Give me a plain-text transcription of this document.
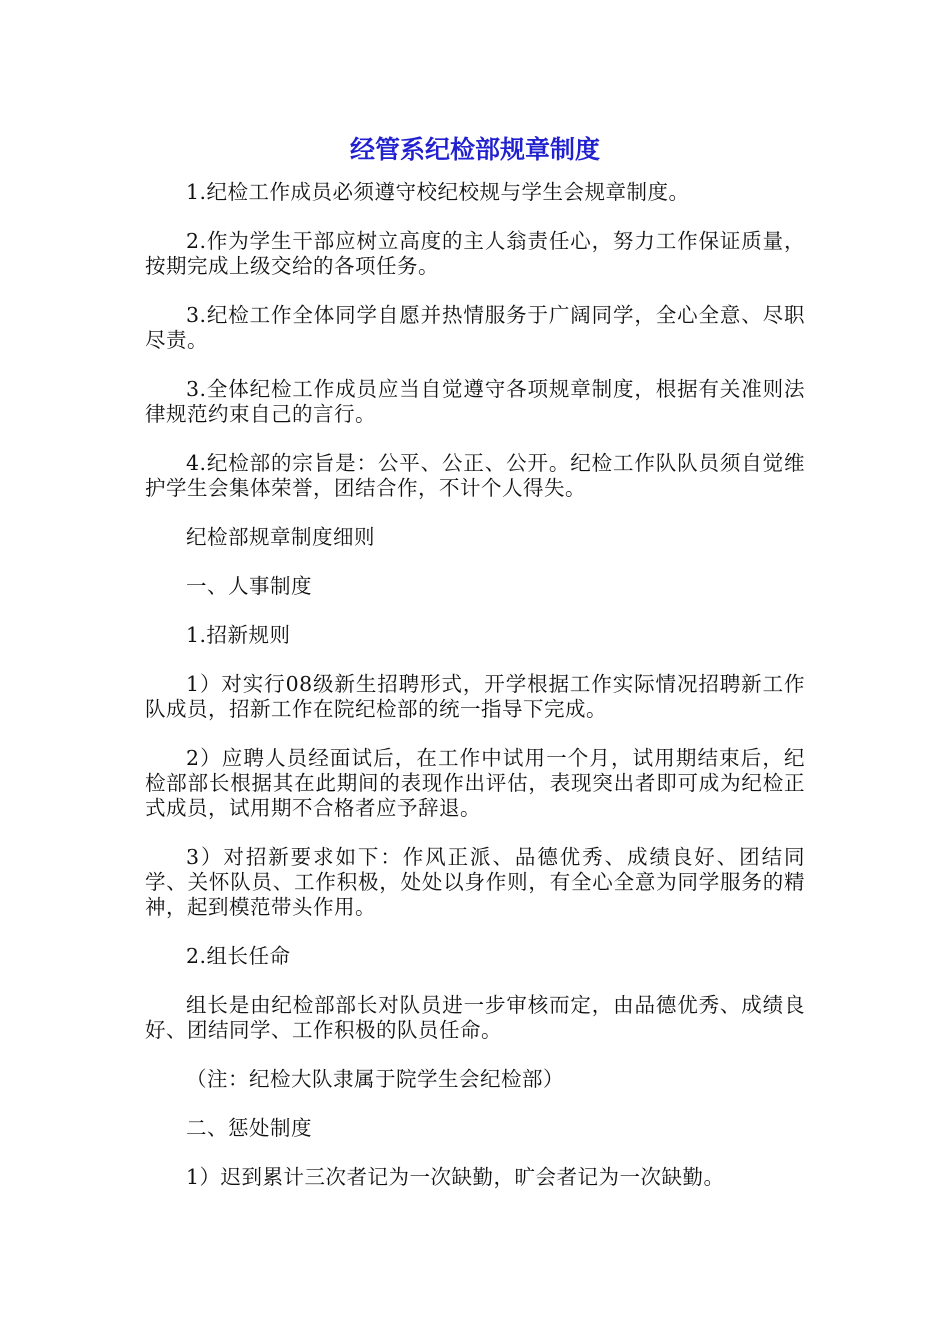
经管系纪检部规章制度

1.纪检工作成员必须遵守校纪校规与学生会规章制度。

2.作为学生干部应树立高度的主人翁责任心，努力工作保证质量，按期完成上级交给的各项任务。

3.纪检工作全体同学自愿并热情服务于广阔同学，全心全意、尽职尽责。

3.全体纪检工作成员应当自觉遵守各项规章制度，根据有关准则法律规范约束自己的言行。

4.纪检部的宗旨是：公平、公正、公开。纪检工作队队员须自觉维护学生会集体荣誉，团结合作，不计个人得失。

纪检部规章制度细则

一、人事制度

1.招新规则

1）对实行08级新生招聘形式，开学根据工作实际情况招聘新工作队成员，招新工作在院纪检部的统一指导下完成。

2）应聘人员经面试后，在工作中试用一个月，试用期结束后，纪检部部长根据其在此期间的表现作出评估，表现突出者即可成为纪检正式成员，试用期不合格者应予辞退。

3）对招新要求如下：作风正派、品德优秀、成绩良好、团结同学、关怀队员、工作积极，处处以身作则，有全心全意为同学服务的精神，起到模范带头作用。

2.组长任命

组长是由纪检部部长对队员进一步审核而定，由品德优秀、成绩良好、团结同学、工作积极的队员任命。

（注：纪检大队隶属于院学生会纪检部）

二、惩处制度

1）迟到累计三次者记为一次缺勤，旷会者记为一次缺勤。
